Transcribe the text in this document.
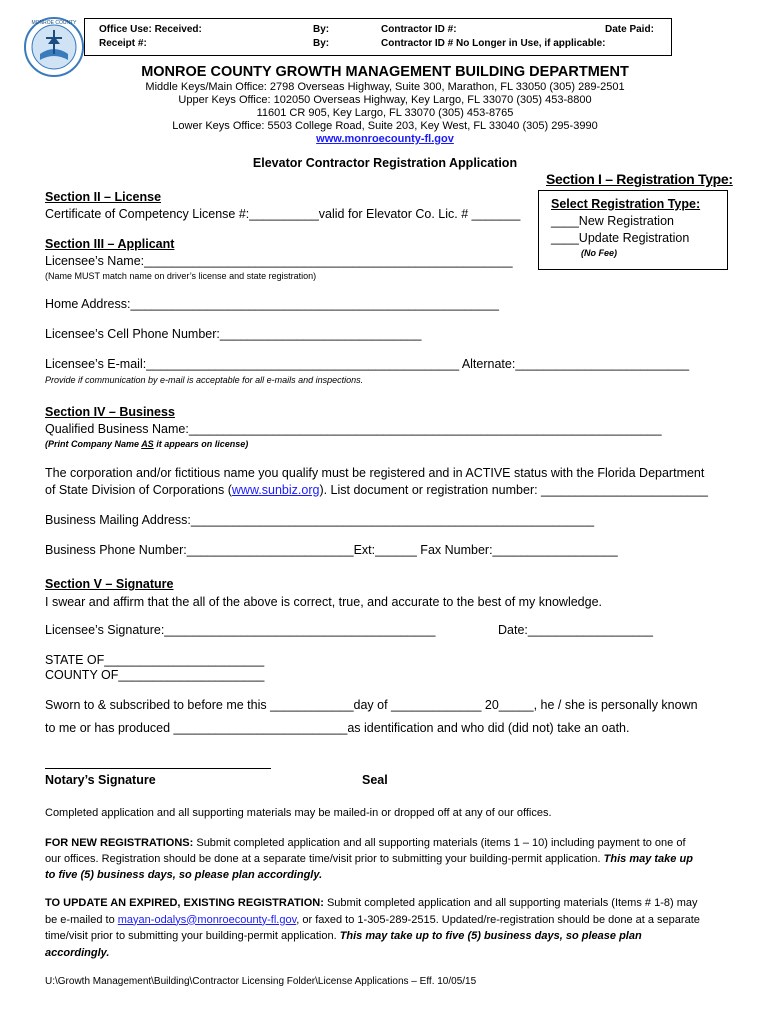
MONROE COUNTY
Office Use: Received:
Receipt #:
By:
By:
Contractor ID #:
Contractor ID # No Longer in Use, if applicable:
Date Paid:
MONROE COUNTY GROWTH MANAGEMENT BUILDING DEPARTMENT
Middle Keys/Main Office: 2798 Overseas Highway, Suite 300, Marathon, FL 33050 (305) 289-2501
Upper Keys Office: 102050 Overseas Highway, Key Largo, FL 33070 (305) 453-8800
11601 CR 905, Key Largo, FL 33070 (305) 453-8765
Lower Keys Office: 5503 College Road, Suite 203, Key West, FL 33040 (305) 295-3990
www.monroecounty-fl.gov
Elevator Contractor Registration Application
Section I – Registration Type:
Select Registration Type:
____New Registration
____Update Registration
(No Fee)
Section II – License
Certificate of Competency License #:__________valid for Elevator Co. Lic. # _______
Section III – Applicant
Licensee’s Name:_____________________________________________________
(Name MUST match name on driver’s license and state registration)
Home Address:_____________________________________________________
Licensee’s Cell Phone Number:_____________________________
Licensee’s E-mail:_____________________________________________ Alternate:_________________________
Provide if communication by e-mail is acceptable for all e-mails and inspections.
Section IV – Business
Qualified Business Name:____________________________________________________________________
(Print Company Name AS it appears on license)
The corporation and/or fictitious name you qualify must be registered and in ACTIVE status with the Florida Department
of State Division of Corporations (www.sunbiz.org). List document or registration number: ________________________
Business Mailing Address:__________________________________________________________
Business Phone Number:________________________Ext:______ Fax Number:__________________
Section V – Signature
I swear and affirm that the all of the above is correct, true, and accurate to the best of my knowledge.
Licensee’s Signature:_______________________________________	Date:__________________
STATE OF_______________________
COUNTY OF_____________________
Sworn to & subscribed to before me this ____________day of _____________ 20_____, he / she is personally known
to me or has produced _________________________as identification and who did (did not) take an oath.
Notary’s Signature	Seal
Completed application and all supporting materials may be mailed-in or dropped off at any of our offices.
FOR NEW REGISTRATIONS: Submit completed application and all supporting materials (items 1 – 10) including payment to one of
our offices. Registration should be done at a separate time/visit prior to submitting your building-permit application. This may take up
to five (5) business days, so please plan accordingly.
TO UPDATE AN EXPIRED, EXISTING REGISTRATION: Submit completed application and all supporting materials (Items # 1-8) may
be e-mailed to mayan-odalys@monroecounty-fl.gov, or faxed to 1-305-289-2515. Updated/re-registration should be done at a separate
time/visit prior to submitting your building-permit application. This may take up to five (5) business days, so please plan
accordingly.
U:\Growth Management\Building\Contractor Licensing Folder\License Applications – Eff. 10/05/15
